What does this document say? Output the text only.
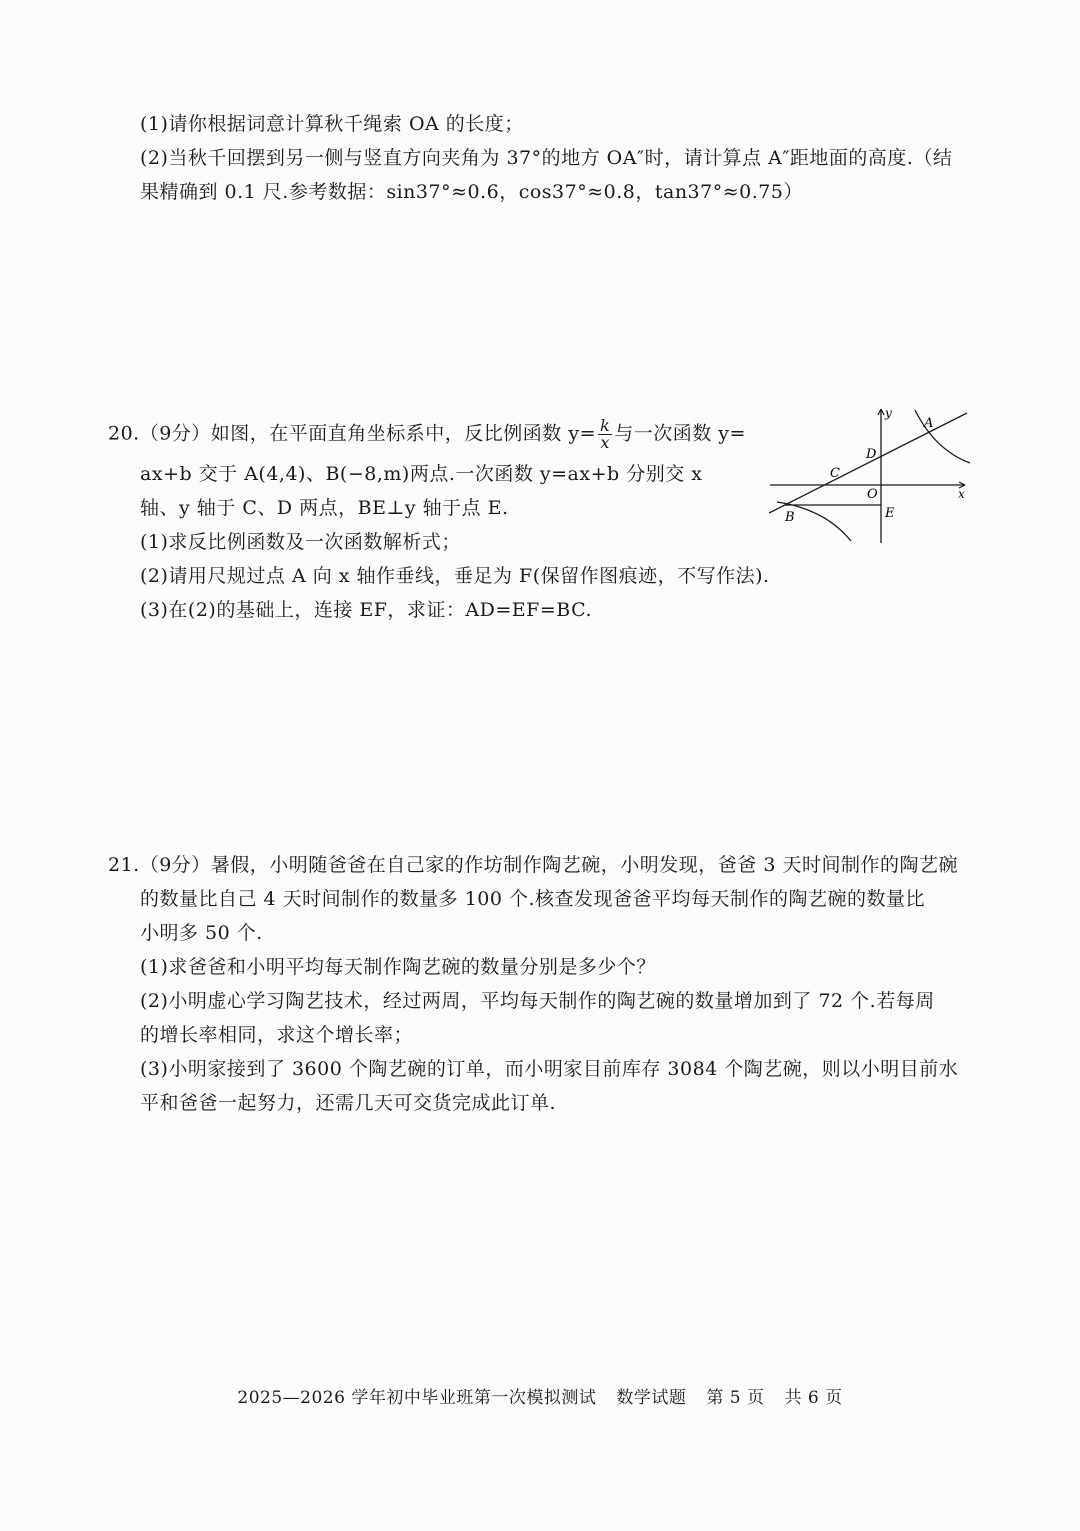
(1)请你根据词意计算秋千绳索 OA 的长度；
(2)当秋千回摆到另一侧与竖直方向夹角为 37°的地方 OA″时，请计算点 A″距地面的高度.（结
果精确到 0.1 尺.参考数据：sin37°≈0.6，cos37°≈0.8，tan37°≈0.75）
20.（9分）如图，在平面直角坐标系中，反比例函数 $y= \frac{k}{x}$ 与一次函数 y=
ax+b 交于 A(4,4)、B(−8,m)两点.一次函数 y=ax+b 分别交 x
轴、y 轴于 C、D 两点，BE⊥y 轴于点 E.
(1)求反比例函数及一次函数解析式；
(2)请用尺规过点 A 向 x 轴作垂线，垂足为 F(保留作图痕迹，不写作法).
(3)在(2)的基础上，连接 EF，求证：AD=EF=BC.
y
x
A
D
C
O
B	E
21.（9分）暑假，小明随爸爸在自己家的作坊制作陶艺碗，小明发现，爸爸 3 天时间制作的陶艺碗
的数量比自己 4 天时间制作的数量多 100 个.核查发现爸爸平均每天制作的陶艺碗的数量比
小明多 50 个.
(1)求爸爸和小明平均每天制作陶艺碗的数量分别是多少个？
(2)小明虚心学习陶艺技术，经过两周，平均每天制作的陶艺碗的数量增加到了 72 个.若每周
的增长率相同，求这个增长率；
(3)小明家接到了 3600 个陶艺碗的订单，而小明家目前库存 3084 个陶艺碗，则以小明目前水
平和爸爸一起努力，还需几天可交货完成此订单.
2025—2026 学年初中毕业班第一次模拟测试 数学试题 第 5 页 共 6 页
